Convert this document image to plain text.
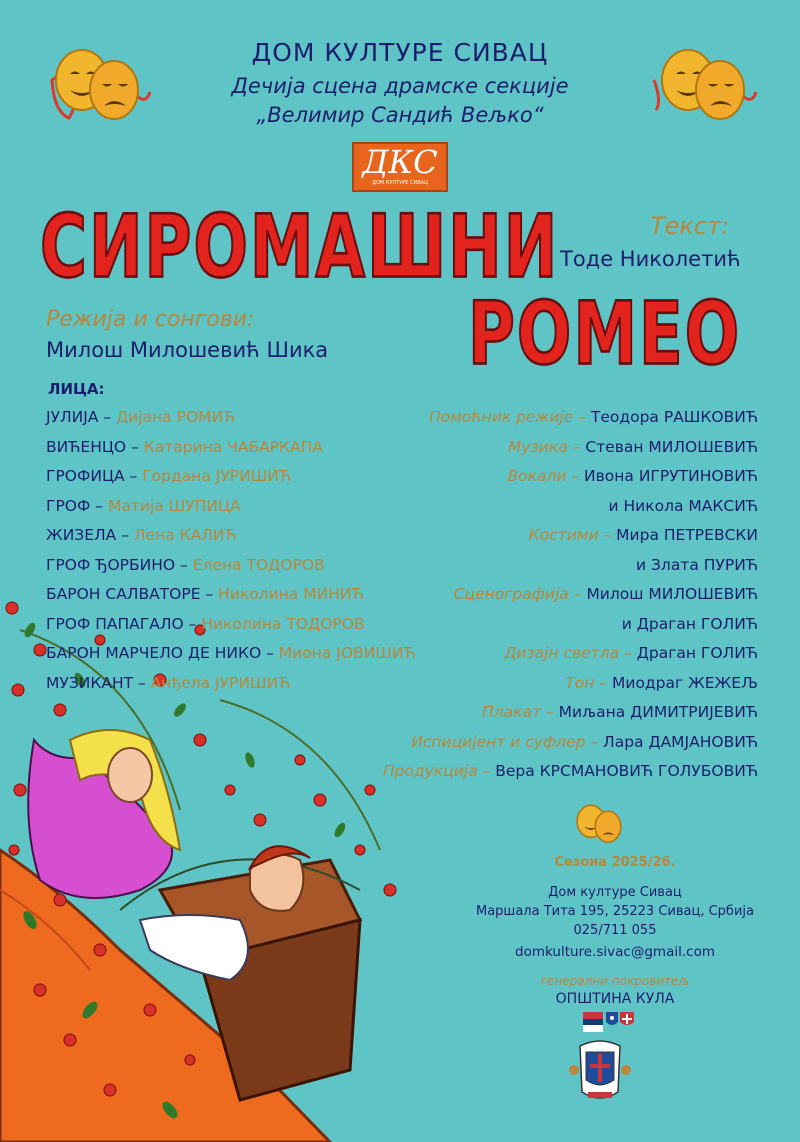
ДОМ КУЛТУРЕ СИВАЦ
Дечија сцена драмске секције
„Велимир Сандић Вељко“
ДКС
ДОМ КУЛТУРЕ СИВАЦ
СИРОМАШНИ
РОМЕО
Текст:
Тоде Николетић
Режија и сонгови:
Милош Милошевић Шика
ЛИЦА:
ЈУЛИЈА – Дијана РОМИЋ
ВИЋЕНЦО – Катарина ЧАБАРКАПА
ГРОФИЦА – Гордана ЈУРИШИЋ
ГРОФ – Матија ШУПИЦА
ЖИЗЕЛА – Лена КАЛИЋ
ГРОФ ЂОРБИНО – Елена ТОДОРОВ
БАРОН САЛВАТОРЕ – Николина МИНИЋ
ГРОФ ПАПАГАЛО – Николина ТОДОРОВ
БАРОН МАРЧЕЛО ДЕ НИКО – Миона ЈОВИШИЋ
МУЗИКАНТ – Анђела ЈУРИШИЋ
Помоћник режије – Теодора РАШКОВИЋ
Музика – Стеван МИЛОШЕВИЋ
Вокали – Ивона ИГРУТИНОВИЋ
и Никола МАКСИЋ
Костими – Мира ПЕТРЕВСКИ
и Злата ПУРИЋ
Сценографија – Милош МИЛОШЕВИЋ
и Драган ГОЛИЋ
Дизајн светла – Драган ГОЛИЋ
Тон – Миодраг ЖЕЖЕЉ
Плакат – Миљана ДИМИТРИЈЕВИЋ
Испицијент и суфлер – Лара ДАМЈАНОВИЋ
Продукција – Вера КРСМАНОВИЋ ГОЛУБОВИЋ
Сезона 2025/26.
Дом културе Сивац
Маршала Тита 195, 25223 Сивац, Србија
025/711 055
domkulture.sivac@gmail.com
генерални покровитељ
ОПШТИНА КУЛА
